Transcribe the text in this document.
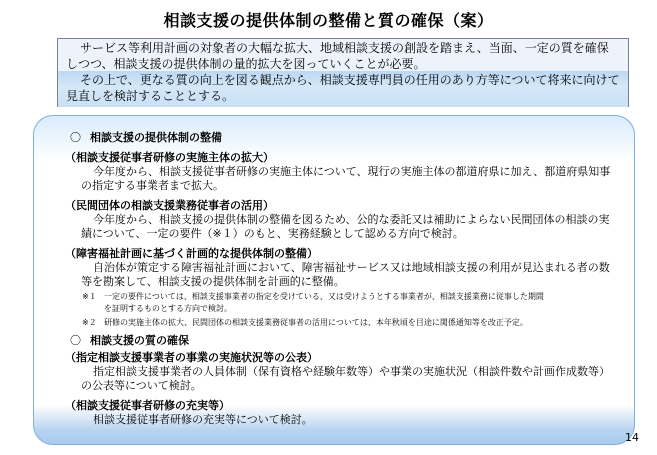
相談支援の提供体制の整備と質の確保（案）

サービス等利用計画の対象者の大幅な拡大、地域相談支援の創設を踏まえ、当面、一定の質を確保しつつ、相談支援の提供体制の量的拡大を図っていくことが必要。

その上で、更なる質の向上を図る観点から、相談支援専門員の任用のあり方等について将来に向けて見直しを検討することとする。

〇 相談支援の提供体制の整備
（相談支援従事者研修の実施主体の拡大）

今年度から、相談支援従事者研修の実施主体について、現行の実施主体の都道府県に加え、都道府県知事の指定する事業者まで拡大。

（民間団体の相談支援業務従事者の活用）

今年度から、相談支援の提供体制の整備を図るため、公的な委託又は補助によらない民間団体の相談の実績について、一定の要件（※１）のもと、実務経験として認める方向で検討。

（障害福祉計画に基づく計画的な提供体制の整備）

自治体が策定する障害福祉計画において、障害福祉サービス又は地域相談支援の利用が見込まれる者の数等を勘案して、相談支援の提供体制を計画的に整備。

※１ 一定の要件については、相談支援事業者の指定を受けている、又は受けようとする事業者が、相談支援業務に従事した期間

を証明するものとする方向で検討。

※２ 研修の実施主体の拡大、民間団体の相談支援業務従事者の活用については、本年秋頃を目途に関係通知等を改正予定。

〇 相談支援の質の確保
（指定相談支援事業者の事業の実施状況等の公表）

指定相談支援事業者の人員体制（保有資格や経験年数等）や事業の実施状況（相談件数や計画作成数等）の公表等について検討。

（相談支援従事者研修の充実等）

相談支援従事者研修の充実等について検討。

14
